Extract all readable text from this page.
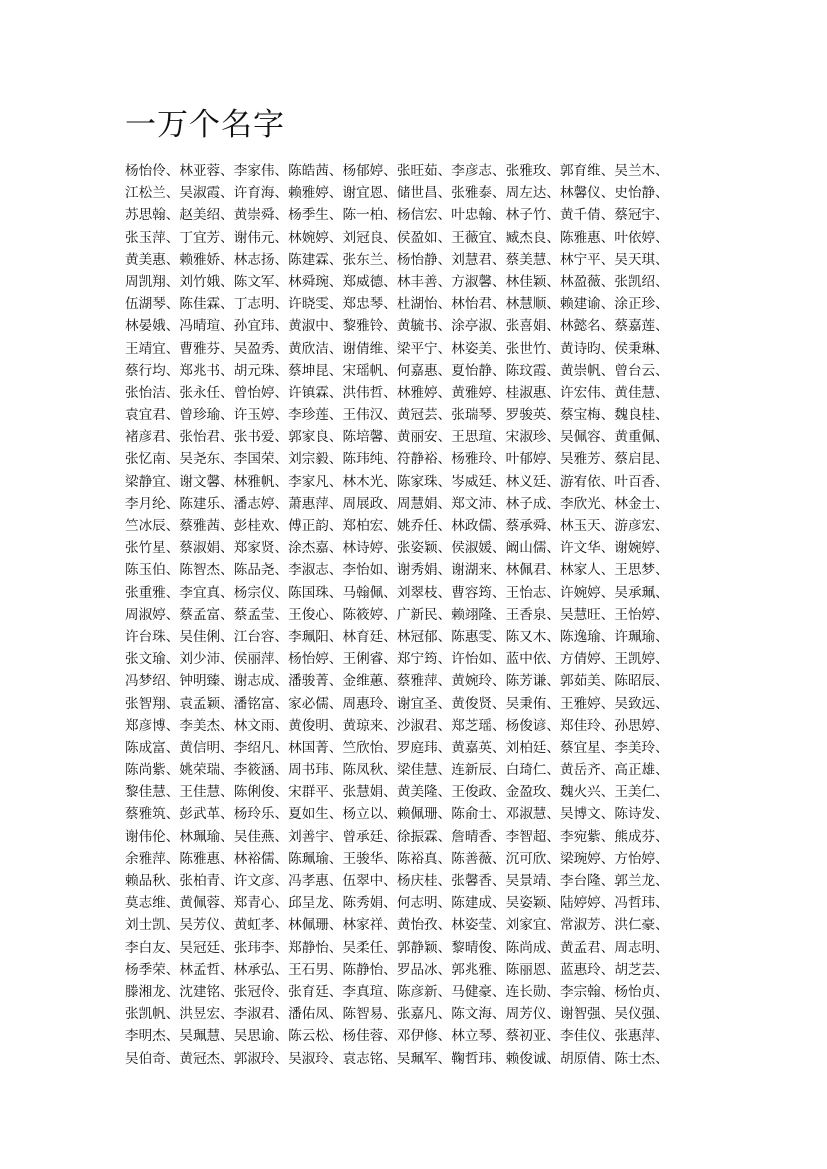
一万个名字
杨怡伶、林亚蓉、李家伟、陈皓茜、杨郁婷、张旺茹、李彦志、张雅玫、郭育维、吴兰木、
江松兰、吴淑霞、许育海、赖雅婷、谢宜恩、储世昌、张雅泰、周左达、林馨仪、史怡静、
苏思翰、赵美绍、黄崇舜、杨季生、陈一柏、杨信宏、叶忠翰、林子竹、黄千倩、蔡冠宇、
张玉萍、丁宜芳、谢伟元、林婉婷、刘冠良、侯盈如、王薇宜、臧杰良、陈雅惠、叶依婷、
黄美惠、赖雅娇、林志扬、陈建霖、张东兰、杨怡静、刘慧君、蔡美慧、林宁平、吴天琪、
周凯翔、刘竹娥、陈文军、林舜琬、郑威德、林丰善、方淑馨、林佳颖、林盈薇、张凯绍、
伍湖琴、陈佳霖、丁志明、许晓雯、郑忠琴、杜湖怡、林怡君、林慧顺、赖建谕、涂正珍、
林晏娥、冯晴瑄、孙宜玮、黄淑中、黎雅铃、黄毓书、涂亭淑、张喜娟、林懿名、蔡嘉莲、
王靖宜、曹雅芬、吴盈秀、黄欣洁、谢倩维、梁平宁、林姿美、张世竹、黄诗昀、侯秉琳、
蔡行均、郑兆书、胡元珠、蔡坤昆、宋瑶帆、何嘉惠、夏怡静、陈玟霞、黄崇帆、曾台云、
张怡洁、张永任、曾怡婷、许镇霖、洪伟哲、林雅婷、黄雅婷、桂淑惠、许宏伟、黄佳慧、
袁宜君、曾珍瑜、许玉婷、李珍莲、王伟汉、黄冠芸、张瑞琴、罗骏英、蔡宝梅、魏良桂、
褚彦君、张怡君、张书爱、郭家良、陈培馨、黄丽安、王思瑄、宋淑珍、吴佩容、黄重佩、
张忆南、吴尧东、李国荣、刘宗毅、陈玮纯、符静裕、杨雅玲、叶郁婷、吴雅芳、蔡启昆、
梁静宜、谢文馨、林雅帆、李家凡、林木光、陈家珠、岑威廷、林义廷、游宥依、叶百香、
李月纶、陈建乐、潘志婷、萧惠萍、周展政、周慧娟、郑文沛、林子成、李欣光、林金士、
竺冰辰、蔡雅茜、彭桂欢、傅正韵、郑柏宏、姚乔任、林政儒、蔡承舜、林玉天、游彦宏、
张竹星、蔡淑娟、郑家贤、涂杰嘉、林诗婷、张姿颖、侯淑媛、阚山儒、许文华、谢婉婷、
陈玉伯、陈智杰、陈品尧、李淑志、李怡如、谢秀娟、谢湖来、林佩君、林家人、王思梦、
张重雅、李宜真、杨宗仪、陈国珠、马翰佩、刘翠枝、曹容筠、王怡志、许婉婷、吴承珮、
周淑婷、蔡孟富、蔡孟莹、王俊心、陈筱婷、广新民、赖翊隆、王香泉、吴慧旺、王怡婷、
许台珠、吴佳俐、江台容、李珮阳、林育廷、林冠郁、陈惠雯、陈又木、陈逸瑜、许珮瑜、
张文瑜、刘少沛、侯丽萍、杨怡婷、王俐睿、郑宁筠、许怡如、蓝中依、方倩婷、王凯婷、
冯梦绍、钟明臻、谢志成、潘骏菁、金维蕙、蔡雅萍、黄婉玲、陈芳谦、郭茹美、陈昭辰、
张智翔、袁孟颖、潘铭富、家必儒、周惠玲、谢宜圣、黄俊贤、吴秉侑、王雅婷、吴致远、
郑彦博、李美杰、林文雨、黄俊明、黄琼来、沙淑君、郑芝瑶、杨俊谚、郑佳玲、孙思婷、
陈成富、黄信明、李绍凡、林国菁、竺欣怡、罗庭玮、黄嘉英、刘柏廷、蔡宜星、李美玲、
陈尚紫、姚荣瑞、李筱涵、周书玮、陈凤秋、梁佳慧、连新辰、白琦仁、黄岳齐、高正雄、
黎佳慧、王佳慧、陈俐俊、宋群平、张慧娟、黄美隆、王俊政、金盈玫、魏火兴、王美仁、
蔡雅筑、彭武革、杨玲乐、夏如生、杨立以、赖佩珊、陈俞士、邓淑慧、吴博文、陈诗发、
谢伟伦、林珮瑜、吴佳燕、刘善宇、曾承廷、徐振霖、詹晴香、李智超、李宛紫、熊成芬、
余雅萍、陈雅惠、林裕儒、陈珮瑜、王骏华、陈裕真、陈善薇、沉可欣、梁琬婷、方怡婷、
赖品秋、张柏青、许文彦、冯孝惠、伍翠中、杨庆桂、张馨香、吴景靖、李台隆、郭兰龙、
莫志维、黄佩蓉、郑青心、邱呈龙、陈秀娟、何志明、陈建成、吴姿颖、陆婷婷、冯哲玮、
刘士凯、吴芳仪、黄虹孝、林佩珊、林家祥、黄怡孜、林姿莹、刘家宜、常淑芳、洪仁豪、
李白友、吴冠廷、张玮李、郑静怡、吴柔任、郭静颖、黎晴俊、陈尚成、黄孟君、周志明、
杨季荣、林孟哲、林承弘、王石男、陈静怡、罗品冰、郭兆雅、陈丽恩、蓝惠玲、胡芝芸、
滕湘龙、沈建铭、张冠伶、张育廷、李真瑄、陈彦新、马健豪、连长勋、李宗翰、杨怡贞、
张凯帆、洪昱宏、李淑君、潘佑凤、陈智易、张嘉凡、陈文海、周芳仪、谢智强、吴仪强、
李明杰、吴珮慧、吴思谕、陈云松、杨佳蓉、邓伊修、林立琴、蔡初亚、李佳仪、张惠萍、
吴伯奇、黄冠杰、郭淑玲、吴淑玲、袁志铭、吴珮军、鞠哲玮、赖俊诚、胡原倩、陈士杰、
